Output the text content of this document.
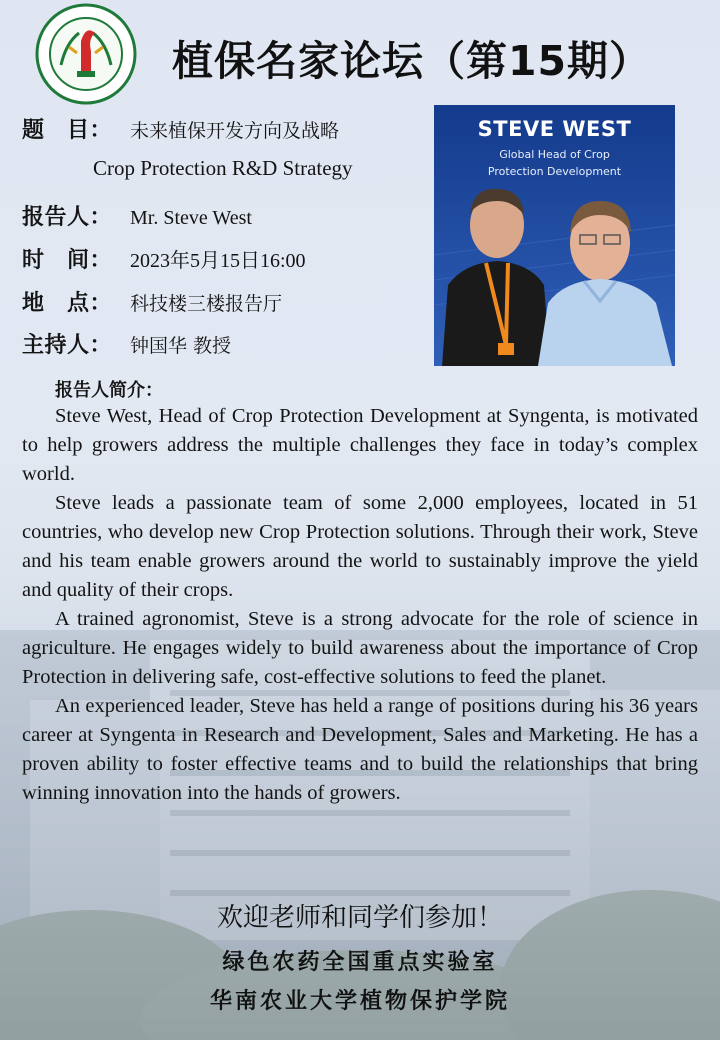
植保名家论坛（第15期）
题　目： 未来植保开发方向及战略
Crop Protection R&D Strategy
报告人： Mr. Steve West
时　间： 2023年5月15日16:00
地　点： 科技楼三楼报告厅
主持人： 钟国华 教授
STEVE WEST
Global Head of Crop
Protection Development
报告人简介：

Steve West, Head of Crop Protection Development at Syngenta, is motivated to help growers address the multiple challenges they face in today’s complex world.

Steve leads a passionate team of some 2,000 employees, located in 51 countries, who develop new Crop Protection solutions. Through their work, Steve and his team enable growers around the world to sustainably improve the yield and quality of their crops.

A trained agronomist, Steve is a strong advocate for the role of science in agriculture. He engages widely to build awareness about the importance of Crop Protection in delivering safe, cost-effective solutions to feed the planet.

An experienced leader, Steve has held a range of positions during his 36 years career at Syngenta in Research and Development, Sales and Marketing. He has a proven ability to foster effective teams and to build the relationships that bring winning innovation into the hands of growers.

欢迎老师和同学们参加！
绿色农药全国重点实验室
华南农业大学植物保护学院
